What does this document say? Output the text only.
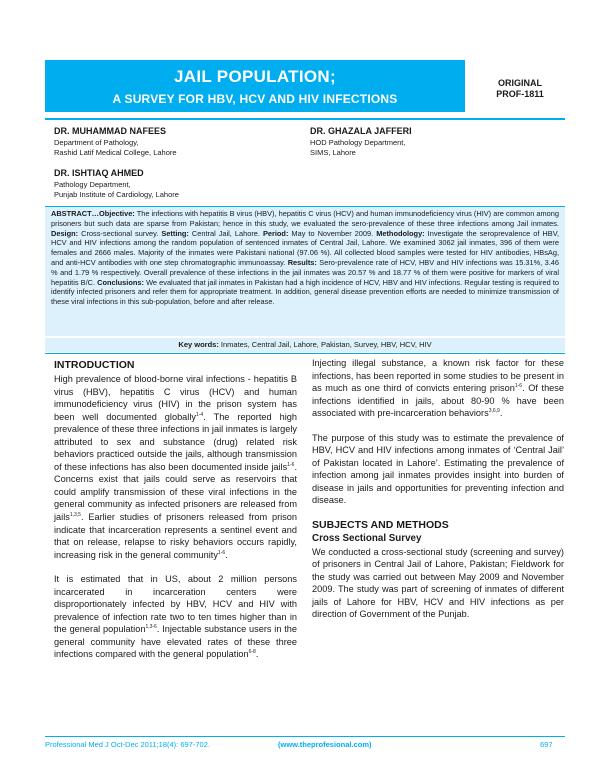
JAIL POPULATION;
A SURVEY FOR HBV, HCV AND HIV INFECTIONS
ORIGINAL
PROF-1811
DR. MUHAMMAD NAFEES
Department of Pathology,
Rashid Latif Medical College, Lahore
DR. GHAZALA JAFFERI
HOD Pathology Department,
SIMS, Lahore
DR. ISHTIAQ AHMED
Pathology Department,
Punjab Institute of Cardiology, Lahore
ABSTRACT…Objective: The infections with hepatitis B virus (HBV), hepatitis C virus (HCV) and human immunodeficiency virus (HIV) are common among prisoners but such data are sparse from Pakistan; hence in this study, we evaluated the sero-prevalence of these three infections among Jail inmates. Design: Cross-sectional survey. Setting: Central Jail, Lahore. Period: May to November 2009. Methodology: Investigate the seroprevalence of HBV, HCV and HIV infections among the random population of sentenced inmates of Central Jail, Lahore. We examined 3062 jail inmates, 396 of them were females and 2666 males. Majority of the inmates were Pakistani national (97.06 %). All collected blood samples were tested for HIV antibodies, HBsAg, and anti-HCV antibodies with one step chromatographic immunoassay. Results: Sero-prevalence rate of HCV, HBV and HIV infections was 15.31%, 3.46 % and 1.79 % respectively. Overall prevalence of these infections in the jail inmates was 20.57 % and 18.77 % of them were positive for markers of viral hepatitis B/C. Conclusions: We evaluated that jail inmates in Pakistan had a high incidence of HCV, HBV and HIV infections. Regular testing is required to identify infected prisoners and refer them for appropriate treatment. In addition, general disease prevention efforts are needed to minimize transmission of these viral infections in this sub-population, before and after release.
Key words: Inmates, Central Jail, Lahore, Pakistan, Survey, HBV, HCV, HIV
INTRODUCTION

High prevalence of blood-borne viral infections - hepatitis B virus (HBV), hepatitis C virus (HCV) and human immunodeficiency virus (HIV) in the prison system has been well documented globally$^{1-4}$. The reported high prevalence of these three infections in jail inmates is largely attributed to sex and substance (drug) related risk behaviors practiced outside the jails, although transmission of these infections has also been documented inside jails$^{1-6}$. Concerns exist that jails could serve as reservoirs that could amplify transmission of these viral infections in the general community as infected prisoners are released from jails$^{1,3,5}$. Earlier studies of prisoners released from prison indicate that incarceration represents a sentinel event and that on release, relapse to risky behaviors occurs rapidly, increasing risk in the general community$^{1-6}$.

It is estimated that in US, about 2 million persons incarcerated in incarceration centers were disproportionately infected by HBV, HCV and HIV with prevalence of infection rate two to ten times higher than in the general population$^{1,3-6}$. Injectable substance users in the general community have elevated rates of these three infections compared with the general population$^{6-8}$.

Injecting illegal substance, a known risk factor for these infections, has been reported in some studies to be present in as much as one third of convicts entering prison$^{1-6}$. Of these infections identified in jails, about 80-90 % have been associated with pre-incarceration behaviors$^{3,6,9}$.

The purpose of this study was to estimate the prevalence of HBV, HCV and HIV infections among inmates of ‘Central Jail’ of Pakistan located in Lahore’. Estimating the prevalence of infection among jail inmates provides insight into burden of disease in jails and opportunities for preventing infection and disease.

SUBJECTS AND METHODS
Cross Sectional Survey

We conducted a cross-sectional study (screening and survey) of prisoners in Central Jail of Lahore, Pakistan; Fieldwork for the study was carried out between May 2009 and November 2009. The study was part of screening of inmates of different jails of Lahore for HBV, HCV and HIV infections as per direction of Government of the Punjab.

Professional Med J Oct-Dec 2011;18(4): 697-702.	(www.theprofesional.com)	697
